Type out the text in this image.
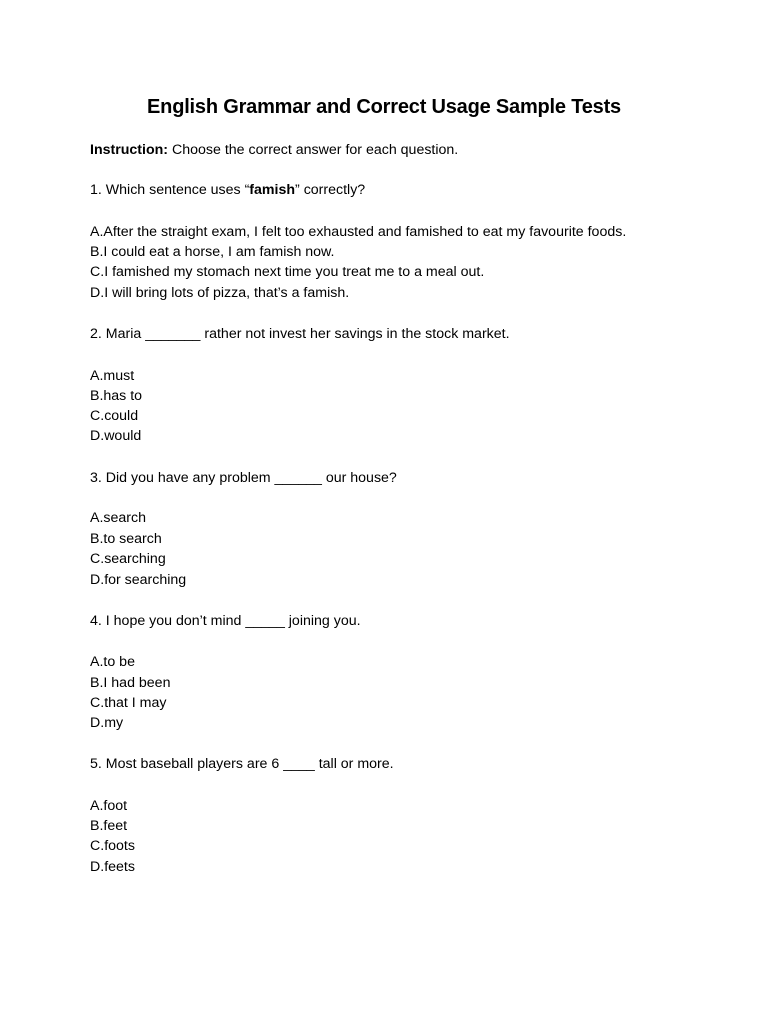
English Grammar and Correct Usage Sample Tests
Instruction: Choose the correct answer for each question.
1. Which sentence uses “famish” correctly?
A.After the straight exam, I felt too exhausted and famished to eat my favourite foods.
B.I could eat a horse, I am famish now.
C.I famished my stomach next time you treat me to a meal out.
D.I will bring lots of pizza, that’s a famish.
2. Maria _______ rather not invest her savings in the stock market.
A.must
B.has to
C.could
D.would
3. Did you have any problem ______ our house?
A.search
B.to search
C.searching
D.for searching
4. I hope you don’t mind _____ joining you.
A.to be
B.I had been
C.that I may
D.my
5. Most baseball players are 6 ____ tall or more.
A.foot
B.feet
C.foots
D.feets
